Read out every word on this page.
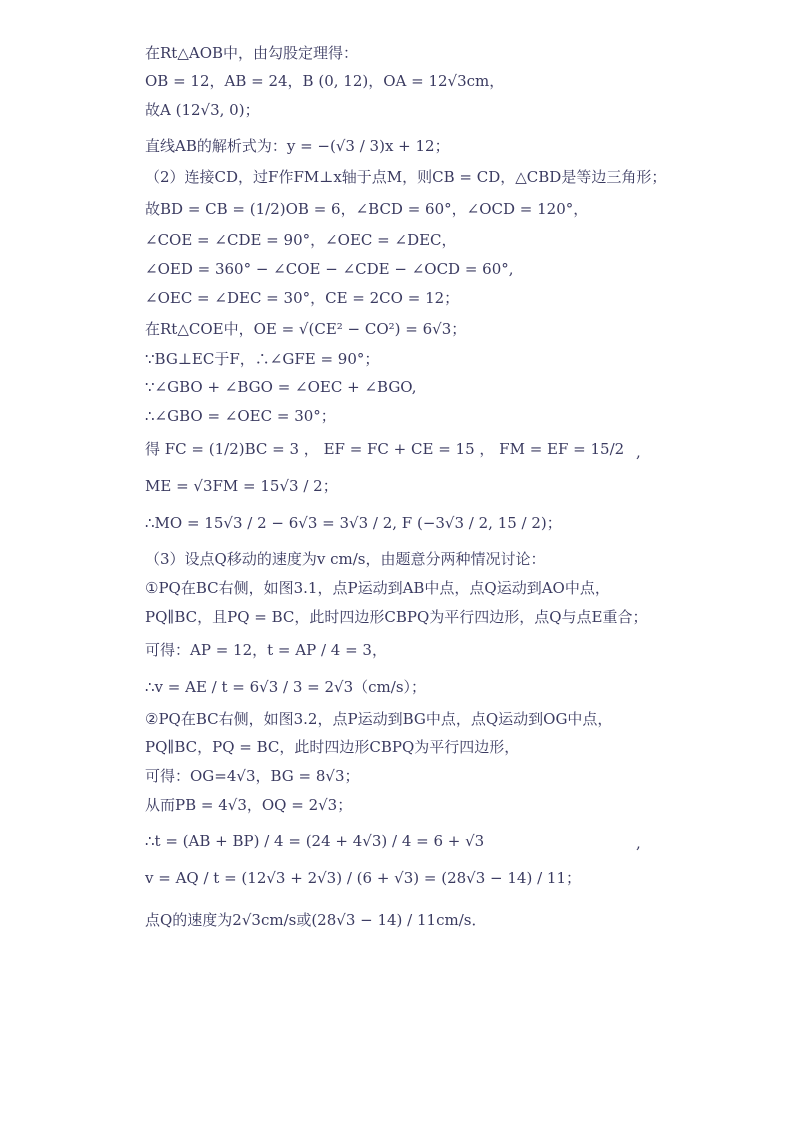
在Rt△AOB中，由勾股定理得：
OB = 12，AB = 24，B (0, 12)，OA = 12√3cm，
故A (12√3, 0)；
直线AB的解析式为：y = −(√3 / 3)x + 12；
（2）连接CD，过F作FM⊥x轴于点M，则CB = CD，△CBD是等边三角形；
故BD = CB = (1/2)OB = 6，∠BCD = 60°，∠OCD = 120°，
∠COE = ∠CDE = 90°，∠OEC = ∠DEC，
∠OED = 360° − ∠COE − ∠CDE − ∠OCD = 60°,
∠OEC = ∠DEC = 30°，CE = 2CO = 12；
在Rt△COE中，OE = √(CE² − CO²) = 6√3；
∵BG⊥EC于F，∴∠GFE = 90°；
∵∠GBO + ∠BGO = ∠OEC + ∠BGO,
∴∠GBO = ∠OEC = 30°；
得 FC = (1/2)BC = 3 ， EF = FC + CE = 15 ， FM = EF = 15/2
ME = √3FM = 15√3 / 2；
∴MO = 15√3 / 2 − 6√3 = 3√3 / 2, F (−3√3 / 2, 15 / 2)；
（3）设点Q移动的速度为v cm/s，由题意分两种情况讨论：
①PQ在BC右侧，如图3.1，点P运动到AB中点，点Q运动到AO中点，
PQ∥BC，且PQ = BC，此时四边形CBPQ为平行四边形，点Q与点E重合；
可得：AP = 12，t = AP / 4 = 3，
∴v = AE / t = 6√3 / 3 = 2√3（cm/s）；
②PQ在BC右侧，如图3.2，点P运动到BG中点，点Q运动到OG中点，
PQ∥BC，PQ = BC，此时四边形CBPQ为平行四边形，
可得：OG=4√3，BG = 8√3；
从而PB = 4√3，OQ = 2√3；
∴t = (AB + BP) / 4 = (24 + 4√3) / 4 = 6 + √3
v = AQ / t = (12√3 + 2√3) / (6 + √3) = (28√3 − 14) / 11；
点Q的速度为2√3cm/s或(28√3 − 14) / 11cm/s．
,
,
